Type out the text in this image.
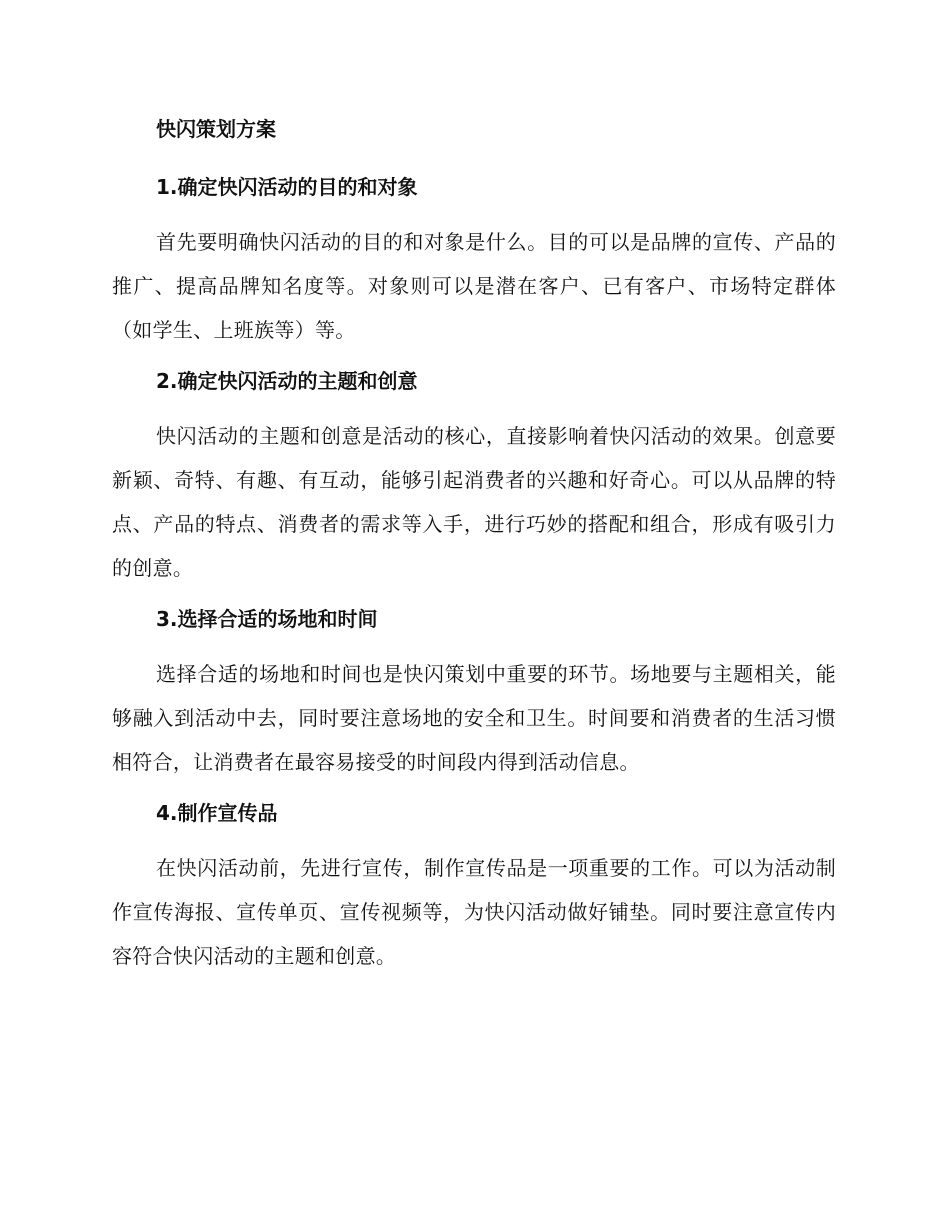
快闪策划方案
1.确定快闪活动的目的和对象

首先要明确快闪活动的目的和对象是什么。目的可以是品牌的宣传、产品的推广、提高品牌知名度等。对象则可以是潜在客户、已有客户、市场特定群体（如学生、上班族等）等。

2.确定快闪活动的主题和创意

快闪活动的主题和创意是活动的核心，直接影响着快闪活动的效果。创意要新颖、奇特、有趣、有互动，能够引起消费者的兴趣和好奇心。可以从品牌的特点、产品的特点、消费者的需求等入手，进行巧妙的搭配和组合，形成有吸引力的创意。

3.选择合适的场地和时间

选择合适的场地和时间也是快闪策划中重要的环节。场地要与主题相关，能够融入到活动中去，同时要注意场地的安全和卫生。时间要和消费者的生活习惯相符合，让消费者在最容易接受的时间段内得到活动信息。

4.制作宣传品

在快闪活动前，先进行宣传，制作宣传品是一项重要的工作。可以为活动制作宣传海报、宣传单页、宣传视频等，为快闪活动做好铺垫。同时要注意宣传内容符合快闪活动的主题和创意。
